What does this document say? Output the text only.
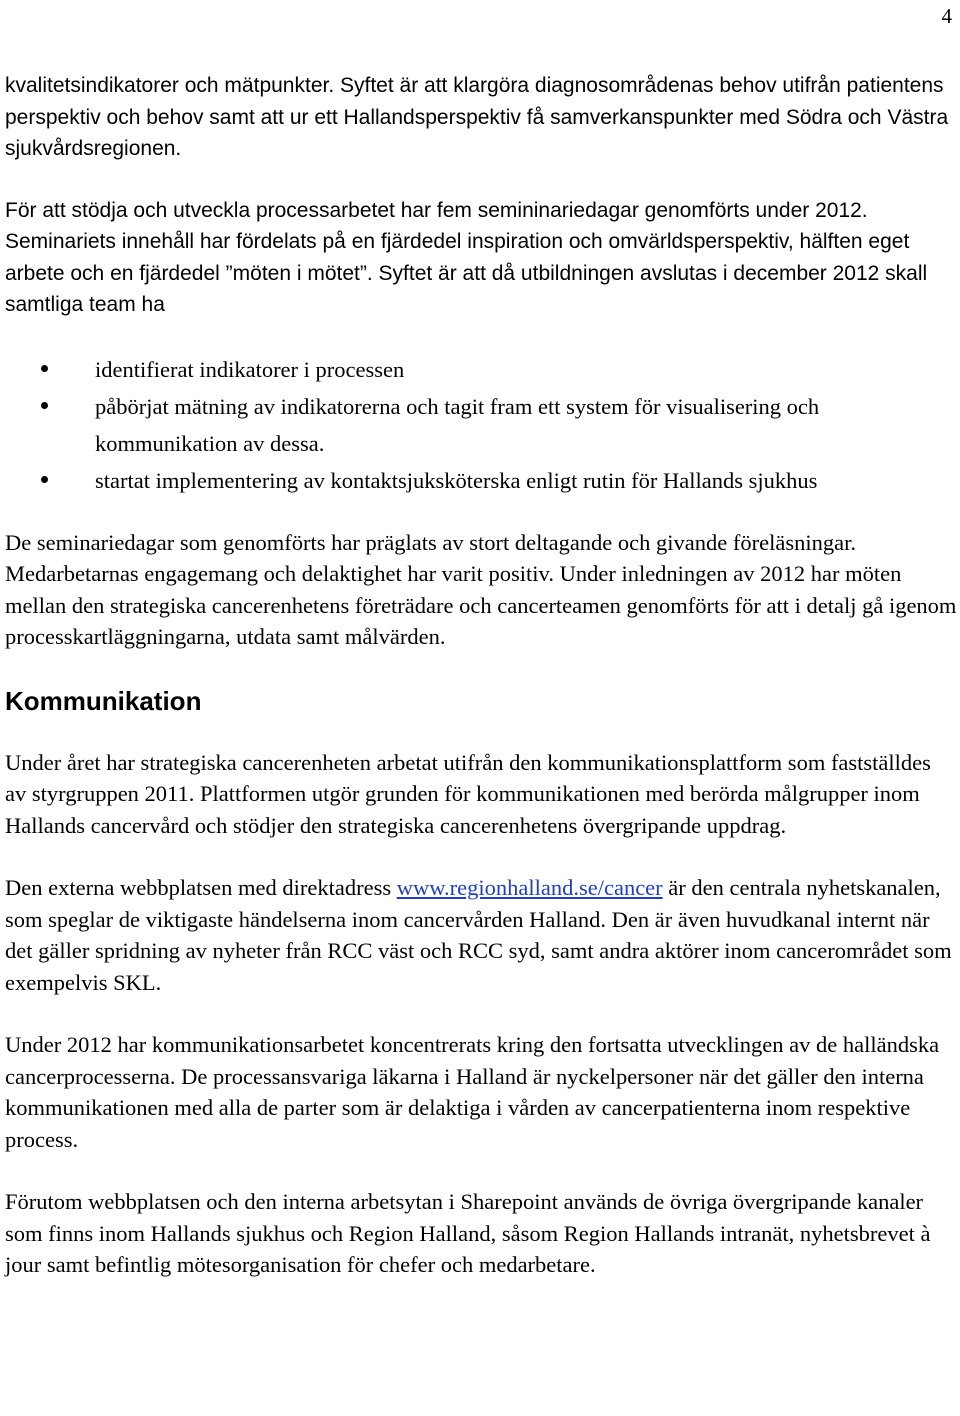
4

kvalitetsindikatorer och mätpunkter. Syftet är att klargöra diagnosområdenas behov utifrån patientens perspektiv och behov samt att ur ett Hallandsperspektiv få samverkanspunkter med Södra och Västra sjukvårdsregionen.

För att stödja och utveckla processarbetet har fem semininariedagar genomförts under 2012. Seminariets innehåll har fördelats på en fjärdedel inspiration och omvärldsperspektiv, hälften eget arbete och en fjärdedel ”möten i mötet”. Syftet är att då utbildningen avslutas i december 2012 skall samtliga team ha

identifierat indikatorer i processen
påbörjat mätning av indikatorerna och tagit fram ett system för visualisering och kommunikation av dessa.
startat implementering av kontaktsjuksköterska enligt rutin för Hallands sjukhus

De seminariedagar som genomförts har präglats av stort deltagande och givande föreläsningar. Medarbetarnas engagemang och delaktighet har varit positiv. Under inledningen av 2012 har möten mellan den strategiska cancerenhetens företrädare och cancerteamen genomförts för att i detalj gå igenom processkartläggningarna, utdata samt målvärden.

Kommunikation

Under året har strategiska cancerenheten arbetat utifrån den kommunikationsplattform som fastställdes av styrgruppen 2011. Plattformen utgör grunden för kommunikationen med berörda målgrupper inom Hallands cancervård och stödjer den strategiska cancerenhetens övergripande uppdrag.

Den externa webbplatsen med direktadress www.regionhalland.se/cancer är den centrala nyhetskanalen, som speglar de viktigaste händelserna inom cancervården Halland. Den är även huvudkanal internt när det gäller spridning av nyheter från RCC väst och RCC syd, samt andra aktörer inom cancerområdet som exempelvis SKL.

Under 2012 har kommunikationsarbetet koncentrerats kring den fortsatta utvecklingen av de halländska cancerprocesserna. De processansvariga läkarna i Halland är nyckelpersoner när det gäller den interna kommunikationen med alla de parter som är delaktiga i vården av cancerpatienterna inom respektive process.

Förutom webbplatsen och den interna arbetsytan i Sharepoint används de övriga övergripande kanaler som finns inom Hallands sjukhus och Region Halland, såsom Region Hallands intranät, nyhetsbrevet à jour samt befintlig mötesorganisation för chefer och medarbetare.
